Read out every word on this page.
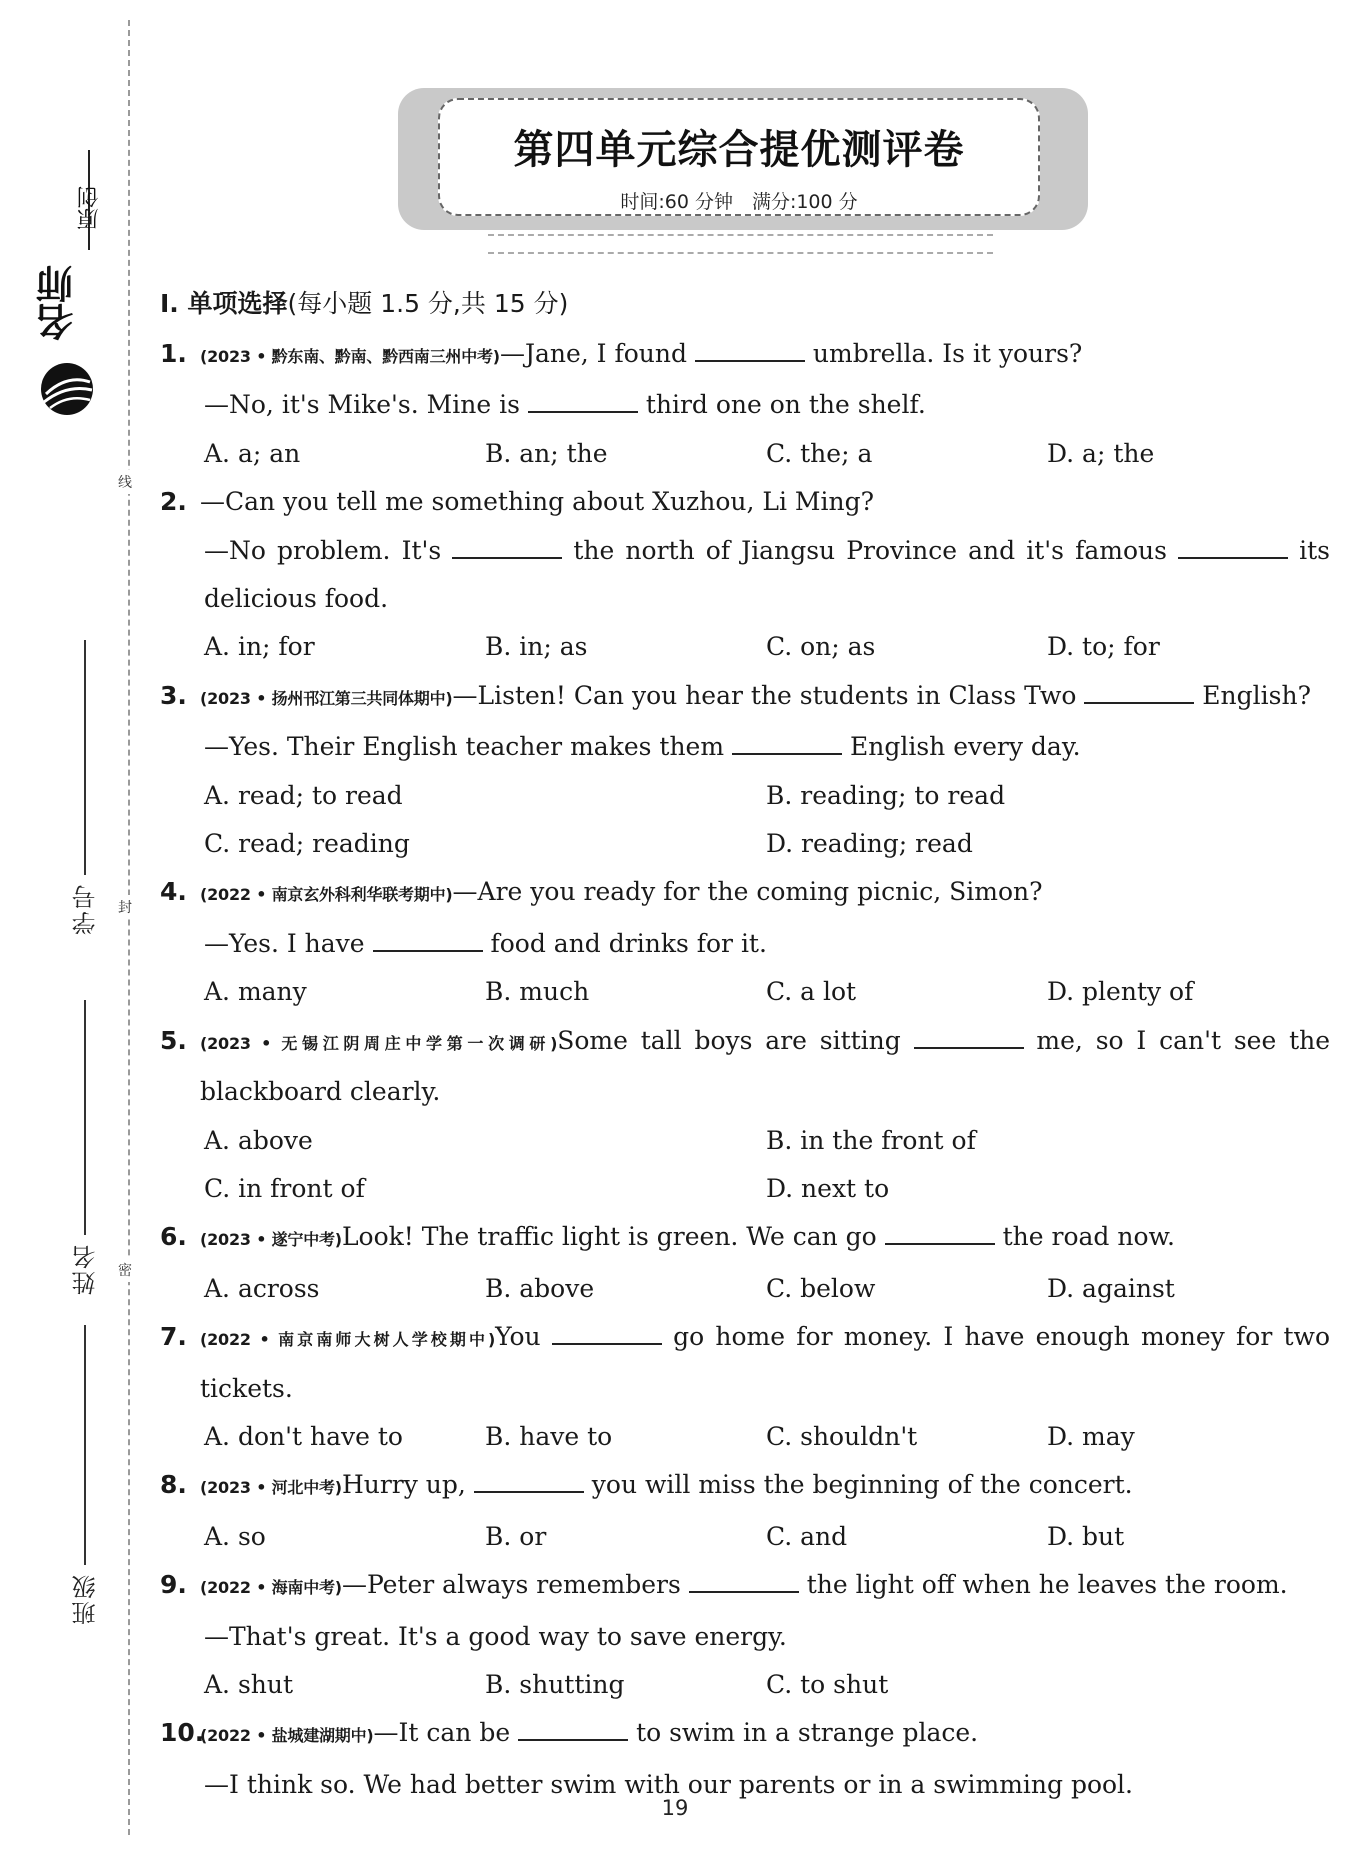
线
封
密
名师
原创
学号
姓名
班级
第四单元综合提优测评卷
时间:60 分钟　满分:100 分
Ⅰ. 单项选择(每小题 1.5 分,共 15 分)
1. (2023 • 黔东南、黔南、黔西南三州中考)—Jane, I found	umbrella. Is it yours?
—No, it's Mike's. Mine is	third one on the shelf.
A. a; an	B. an; the	C. the; a	D. a; the
2. —Can you tell me something about Xuzhou, Li Ming?
—No problem. It's	the north of Jiangsu Province and it's famous	its delicious food.
A. in; for	B. in; as	C. on; as	D. to; for
3. (2023 • 扬州邗江第三共同体期中)—Listen! Can you hear the students in Class Two	English?
—Yes. Their English teacher makes them	English every day.
A. read; to read	B. reading; to read
C. read; reading	D. reading; read
4. (2022 • 南京玄外科利华联考期中)—Are you ready for the coming picnic, Simon?
—Yes. I have	food and drinks for it.
A. many	B. much	C. a lot	D. plenty of
5. (2023 • 无锡江阴周庄中学第一次调研)Some tall boys are sitting	me, so I can't see the blackboard clearly.
A. above	B. in the front of
C. in front of	D. next to
6. (2023 • 遂宁中考)Look! The traffic light is green. We can go	the road now.
A. across	B. above	C. below	D. against
7. (2022 • 南京南师大树人学校期中)You	go home for money. I have enough money for two tickets.
A. don't have to	B. have to	C. shouldn't	D. may
8. (2023 • 河北中考)Hurry up,	you will miss the beginning of the concert.
A. so	B. or	C. and	D. but
9. (2022 • 海南中考)—Peter always remembers	the light off when he leaves the room.
—That's great. It's a good way to save energy.
A. shut	B. shutting	C. to shut
10.
(2022 • 盐城建湖期中)—It can be	to swim in a strange place.
—I think so. We had better swim with our parents or in a swimming pool.
19
